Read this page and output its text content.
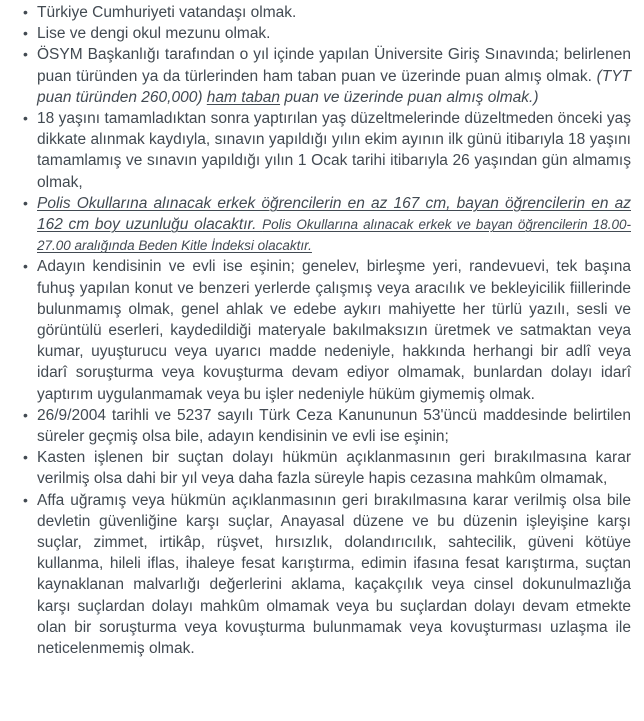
• Türkiye Cumhuriyeti vatandaşı olmak.
• Lise ve dengi okul mezunu olmak.
• ÖSYM Başkanlığı tarafından o yıl içinde yapılan Üniversite Giriş Sınavında; belirlenen puan türünden ya da türlerinden ham taban puan ve üzerinde puan almış olmak. (TYT puan türünden 260,000) ham taban puan ve üzerinde puan almış olmak.)
• 18 yaşını tamamladıktan sonra yaptırılan yaş düzeltmelerinde düzeltmeden önceki yaş dikkate alınmak kaydıyla, sınavın yapıldığı yılın ekim ayının ilk günü itibarıyla 18 yaşını tamamlamış ve sınavın yapıldığı yılın 1 Ocak tarihi itibarıyla 26 yaşından gün almamış olmak,
• Polis Okullarına alınacak erkek öğrencilerin en az 167 cm, bayan öğrencilerin en az 162 cm boy uzunluğu olacaktır. Polis Okullarına alınacak erkek ve bayan öğrencilerin 18.00-27.00 aralığında Beden Kitle İndeksi olacaktır.
• Adayın kendisinin ve evli ise eşinin; genelev, birleşme yeri, randevuevi, tek başına fuhuş yapılan konut ve benzeri yerlerde çalışmış veya aracılık ve bekleyicilik fiillerinde bulunmamış olmak, genel ahlak ve edebe aykırı mahiyette her türlü yazılı, sesli ve görüntülü eserleri, kaydedildiği materyale bakılmaksızın üretmek ve satmaktan veya kumar, uyuşturucu veya uyarıcı madde nedeniyle, hakkında herhangi bir adlî veya idarî soruşturma veya kovuşturma devam ediyor olmamak, bunlardan dolayı idarî yaptırım uygulanmamak veya bu işler nedeniyle hüküm giymemiş olmak.
• 26/9/2004 tarihli ve 5237 sayılı Türk Ceza Kanununun 53'üncü maddesinde belirtilen süreler geçmiş olsa bile, adayın kendisinin ve evli ise eşinin;
• Kasten işlenen bir suçtan dolayı hükmün açıklanmasının geri bırakılmasına karar verilmiş olsa dahi bir yıl veya daha fazla süreyle hapis cezasına mahkûm olmamak,
• Affa uğramış veya hükmün açıklanmasının geri bırakılmasına karar verilmiş olsa bile devletin güvenliğine karşı suçlar, Anayasal düzene ve bu düzenin işleyişine karşı suçlar, zimmet, irtikâp, rüşvet, hırsızlık, dolandırıcılık, sahtecilik, güveni kötüye kullanma, hileli iflas, ihaleye fesat karıştırma, edimin ifasına fesat karıştırma, suçtan kaynaklanan malvarlığı değerlerini aklama, kaçakçılık veya cinsel dokunulmazlığa karşı suçlardan dolayı mahkûm olmamak veya bu suçlardan dolayı devam etmekte olan bir soruşturma veya kovuşturma bulunmamak veya kovuşturması uzlaşma ile neticelenmemiş olmak.
